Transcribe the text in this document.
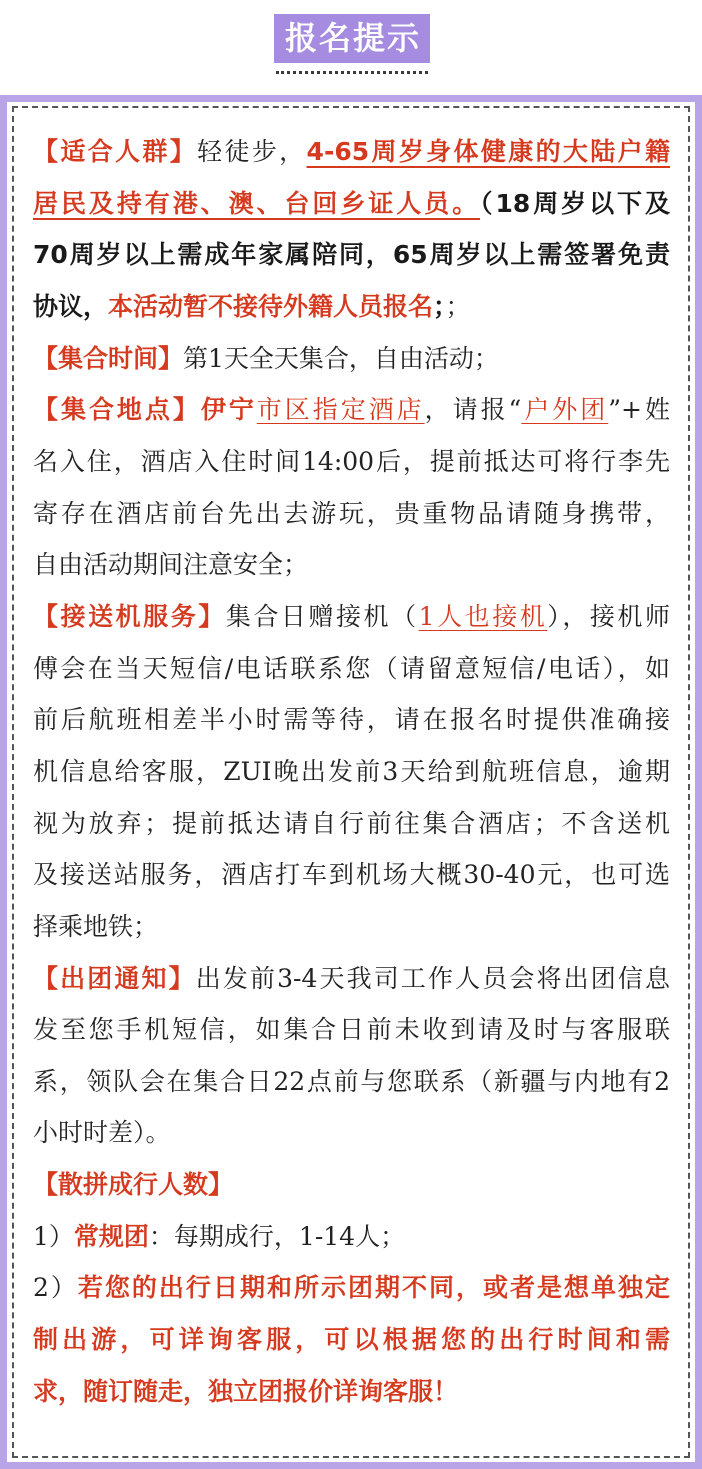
报名提示
【适合人群】轻徒步，4-65周岁身体健康的大陆户籍
居民及持有港、澳、台回乡证人员。（18周岁以下及
70周岁以上需成年家属陪同，65周岁以上需签署免责
协议，本活动暂不接待外籍人员报名；；
【集合时间】第1天全天集合，自由活动；
【集合地点】伊宁市区指定酒店，请报“户外团”+姓
名入住，酒店入住时间14:00后，提前抵达可将行李先
寄存在酒店前台先出去游玩，贵重物品请随身携带，
自由活动期间注意安全；
【接送机服务】集合日赠接机（1人也接机），接机师
傅会在当天短信/电话联系您（请留意短信/电话），如
前后航班相差半小时需等待，请在报名时提供准确接
机信息给客服，ZUI晚出发前3天给到航班信息，逾期
视为放弃；提前抵达请自行前往集合酒店；不含送机
及接送站服务，酒店打车到机场大概30-40元，也可选
择乘地铁；
【出团通知】出发前3-4天我司工作人员会将出团信息
发至您手机短信，如集合日前未收到请及时与客服联
系，领队会在集合日22点前与您联系（新疆与内地有2
小时时差）。
【散拼成行人数】
1）常规团：每期成行，1-14人；
2）若您的出行日期和所示团期不同，或者是想单独定
制出游，可详询客服，可以根据您的出行时间和需
求，随订随走，独立团报价详询客服！
